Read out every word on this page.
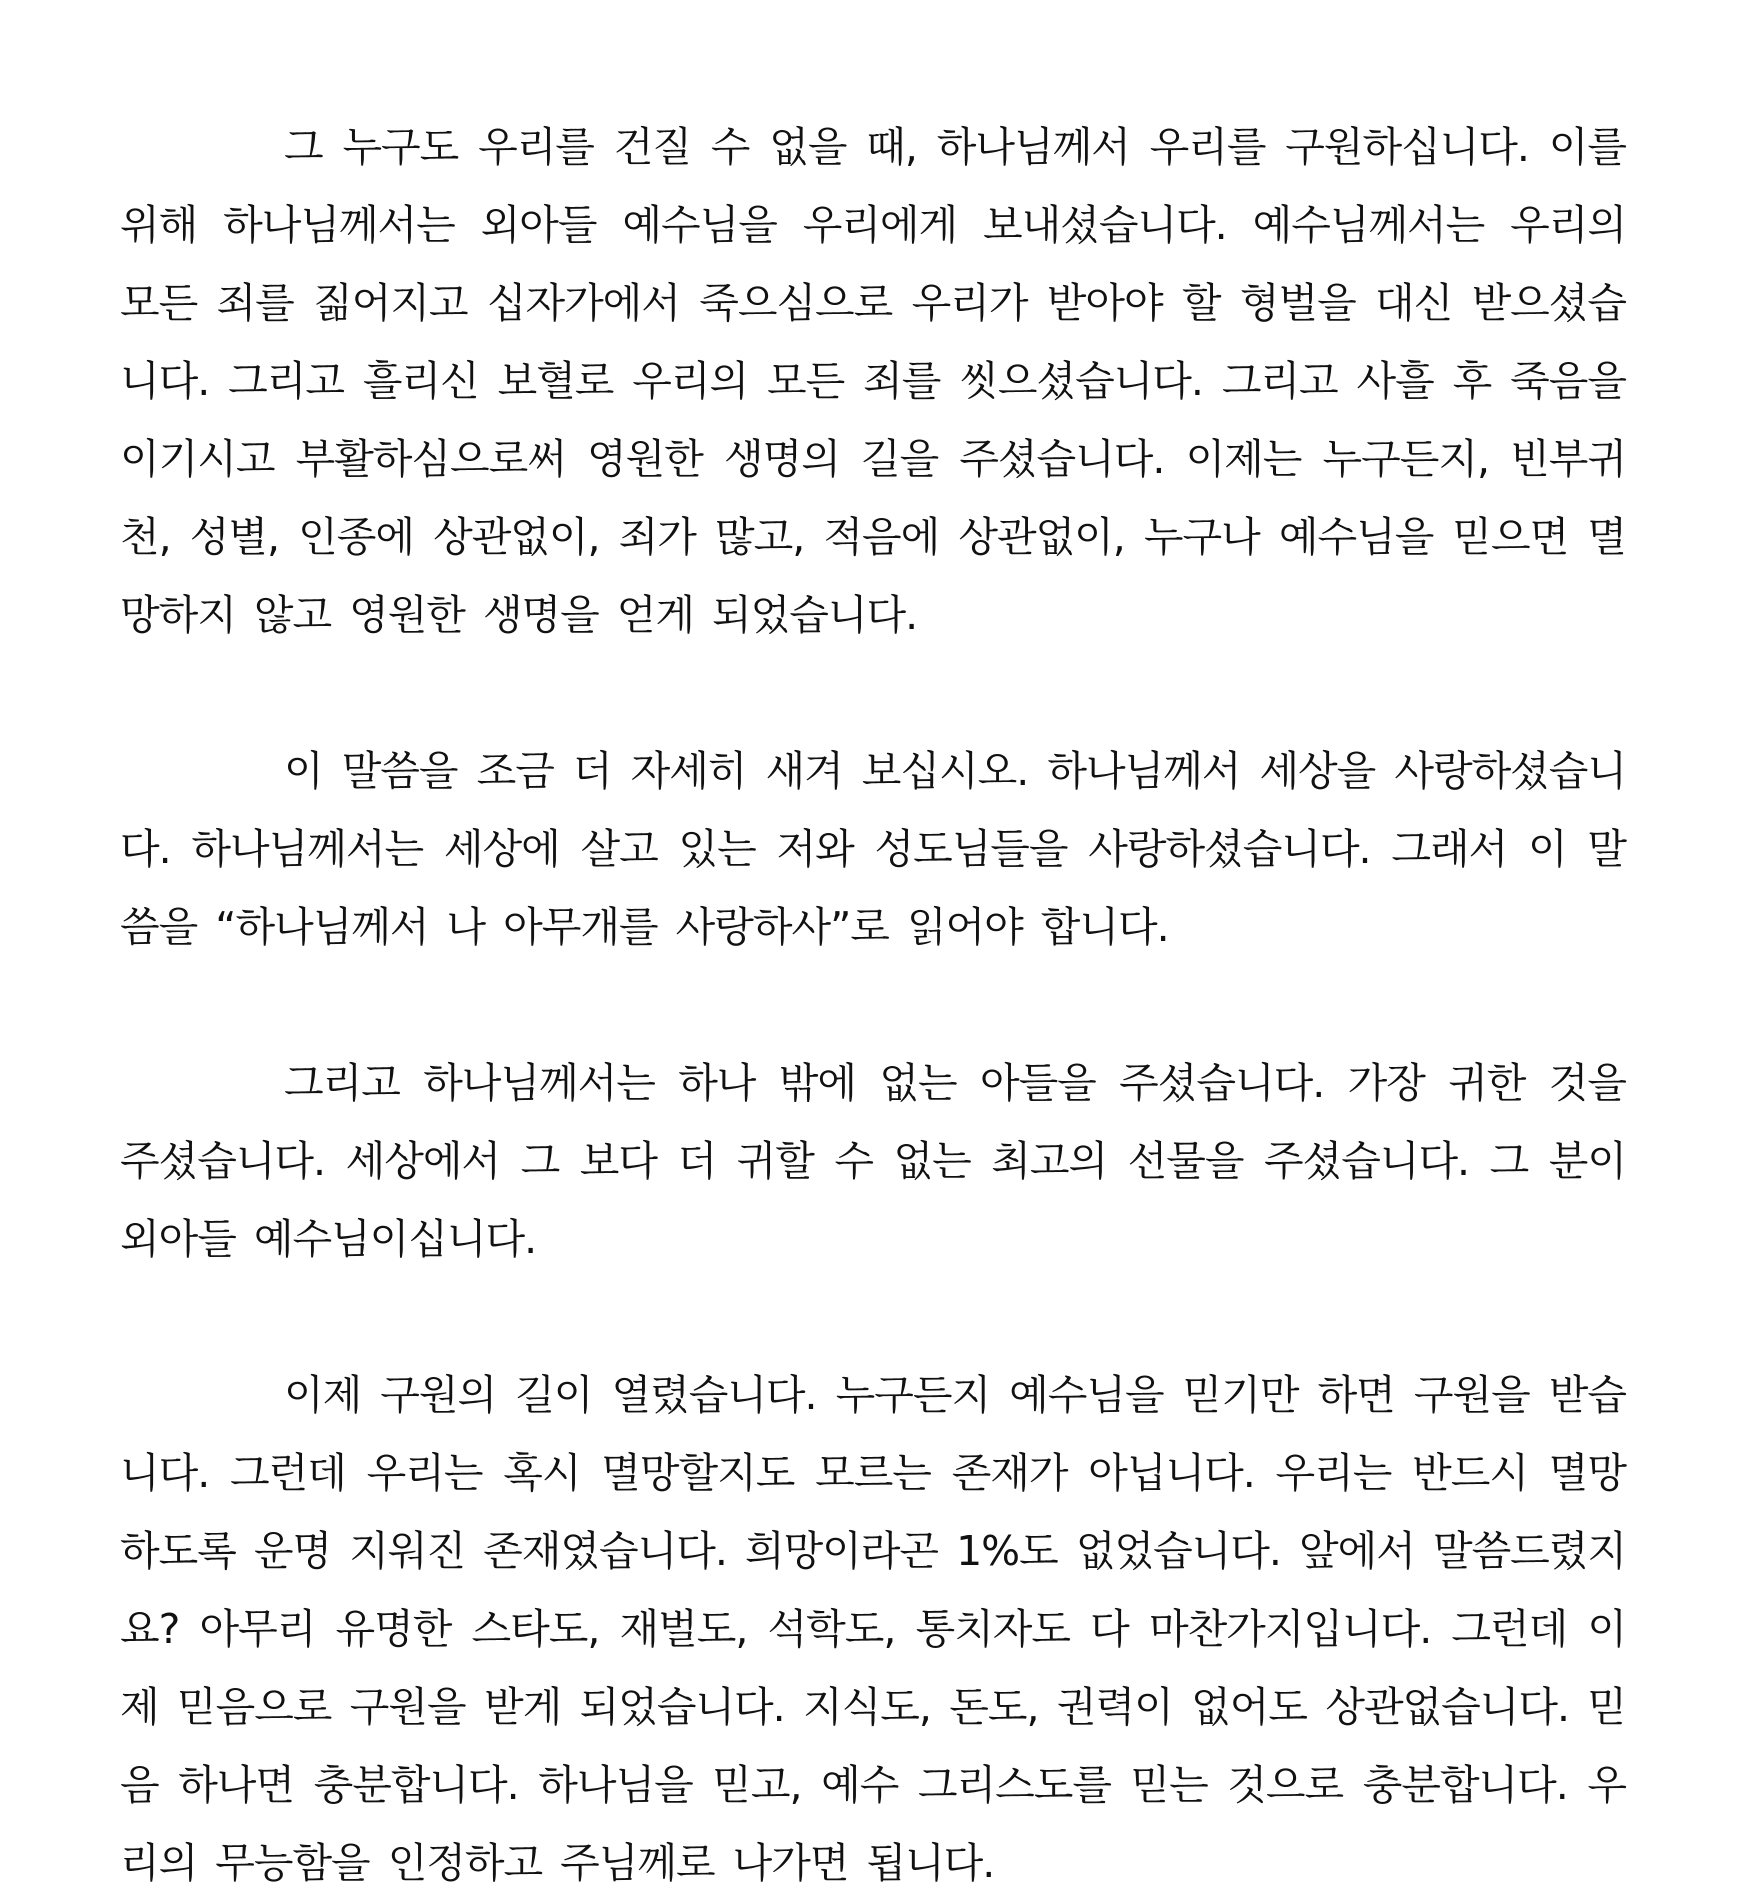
그 누구도 우리를 건질 수 없을 때, 하나님께서 우리를 구원하십니다. 이를 위해 하나님께서는 외아들 예수님을 우리에게 보내셨습니다. 예수님께서는 우리의 모든 죄를 짊어지고 십자가에서 죽으심으로 우리가 받아야 할 형벌을 대신 받으셨습니다. 그리고 흘리신 보혈로 우리의 모든 죄를 씻으셨습니다. 그리고 사흘 후 죽음을 이기시고 부활하심으로써 영원한 생명의 길을 주셨습니다. 이제는 누구든지, 빈부귀천, 성별, 인종에 상관없이, 죄가 많고, 적음에 상관없이, 누구나 예수님을 믿으면 멸망하지 않고 영원한 생명을 얻게 되었습니다.

이 말씀을 조금 더 자세히 새겨 보십시오. 하나님께서 세상을 사랑하셨습니다. 하나님께서는 세상에 살고 있는 저와 성도님들을 사랑하셨습니다. 그래서 이 말씀을 “하나님께서 나 아무개를 사랑하사”로 읽어야 합니다.

그리고 하나님께서는 하나 밖에 없는 아들을 주셨습니다. 가장 귀한 것을 주셨습니다. 세상에서 그 보다 더 귀할 수 없는 최고의 선물을 주셨습니다. 그 분이 외아들 예수님이십니다.

이제 구원의 길이 열렸습니다. 누구든지 예수님을 믿기만 하면 구원을 받습니다. 그런데 우리는 혹시 멸망할지도 모르는 존재가 아닙니다. 우리는 반드시 멸망하도록 운명 지워진 존재였습니다. 희망이라곤 1%도 없었습니다. 앞에서 말씀드렸지요? 아무리 유명한 스타도, 재벌도, 석학도, 통치자도 다 마찬가지입니다. 그런데 이제 믿음으로 구원을 받게 되었습니다. 지식도, 돈도, 권력이 없어도 상관없습니다. 믿음 하나면 충분합니다. 하나님을 믿고, 예수 그리스도를 믿는 것으로 충분합니다. 우리의 무능함을 인정하고 주님께로 나가면 됩니다.
